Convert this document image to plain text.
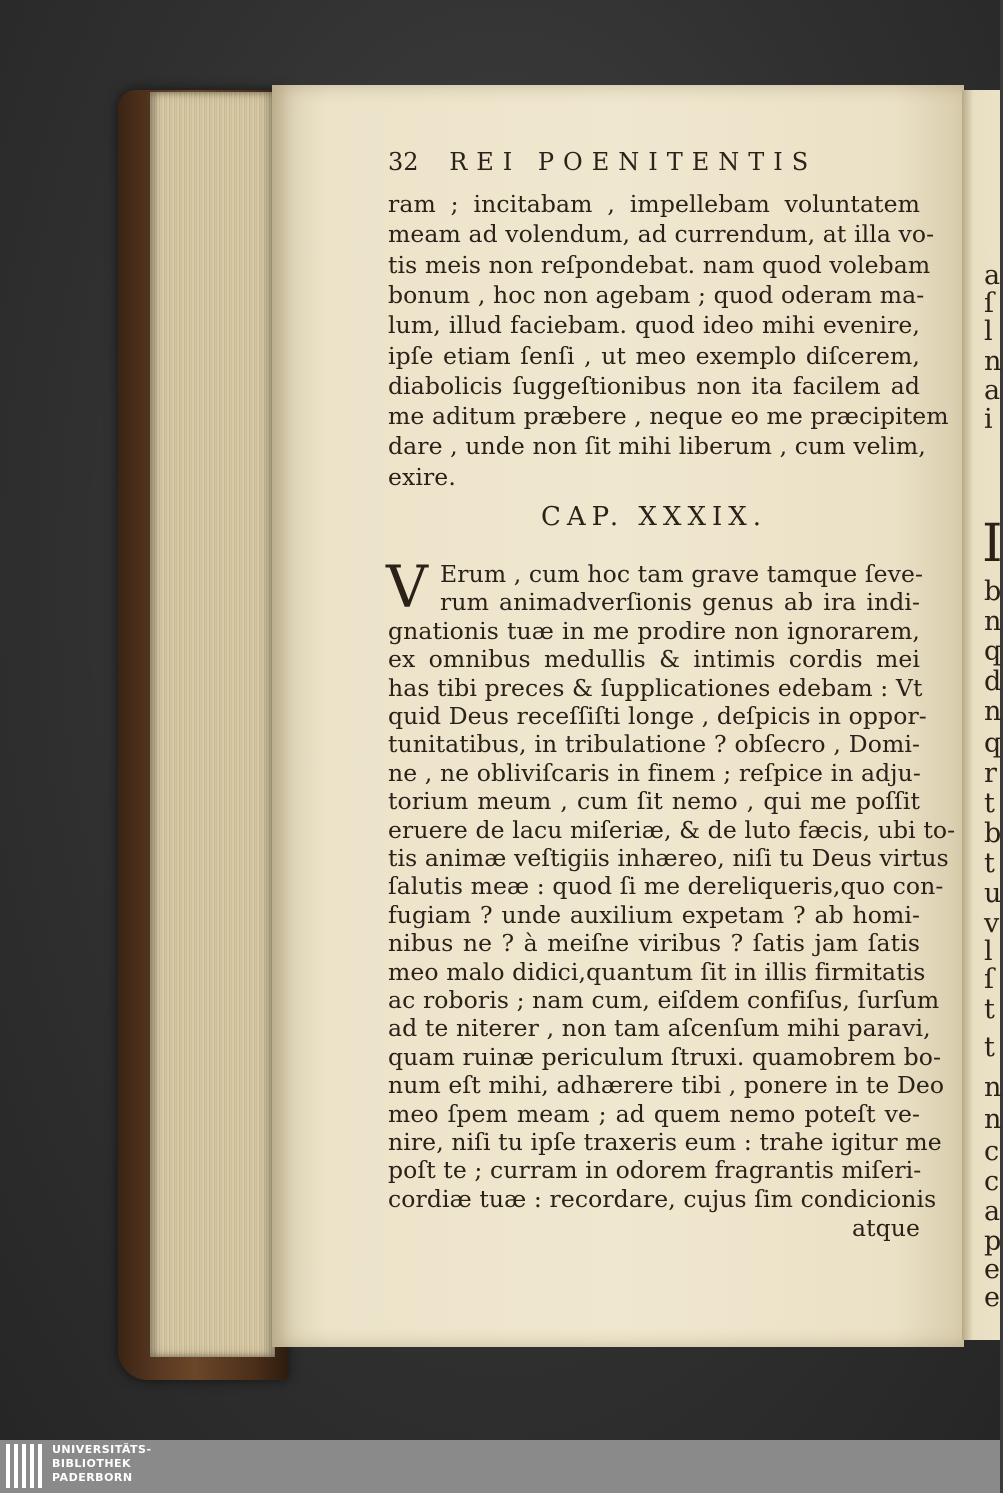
a
ſ
l
n
a
i
I
b
n
q
d
n
q
r
t
b
t
u
v
l
ſ
t
t
n
n
c
c
a
p
e
e
32 REI POENITENTIS
ram ; incitabam , impellebam voluntatem
meam ad volendum, ad currendum, at illa vo-
tis meis non reſpondebat. nam quod volebam
bonum , hoc non agebam ; quod oderam ma-
lum, illud faciebam. quod ideo mihi evenire,
ipſe etiam ſenſi , ut meo exemplo diſcerem,
diabolicis ſuggeſtionibus non ita facilem ad
me aditum præbere , neque eo me præcipitem
dare , unde non ſit mihi liberum , cum velim,
exire.
CAP. XXXIX.
V Erum , cum hoc tam grave tamque ſeve-
rum animadverſionis genus ab ira indi-
gnationis tuæ in me prodire non ignorarem,
ex omnibus medullis & intimis cordis mei
has tibi preces & ſupplicationes edebam : Vt
quid Deus receſſiſti longe , deſpicis in oppor-
tunitatibus, in tribulatione ? obſecro , Domi-
ne , ne obliviſcaris in finem ; reſpice in adju-
torium meum , cum ſit nemo , qui me poſſit
eruere de lacu miſeriæ, & de luto fæcis, ubi to-
tis animæ veſtigiis inhæreo, niſi tu Deus virtus
ſalutis meæ : quod ſi me dereliqueris,quo con-
fugiam ? unde auxilium expetam ? ab homi-
nibus ne ? à meiſne viribus ? ſatis jam ſatis
meo malo didici,quantum ſit in illis firmitatis
ac roboris ; nam cum, eiſdem confiſus, ſurſum
ad te niterer , non tam aſcenſum mihi paravi,
quam ruinæ periculum ſtruxi. quamobrem bo-
num eſt mihi, adhærere tibi , ponere in te Deo
meo ſpem meam ; ad quem nemo poteſt ve-
nire, niſi tu ipſe traxeris eum : trahe igitur me
poſt te ; curram in odorem fragrantis miſeri-
cordiæ tuæ : recordare, cujus ſim condicionis
atque
UNIVERSITÄTS-
BIBLIOTHEK
PADERBORN
